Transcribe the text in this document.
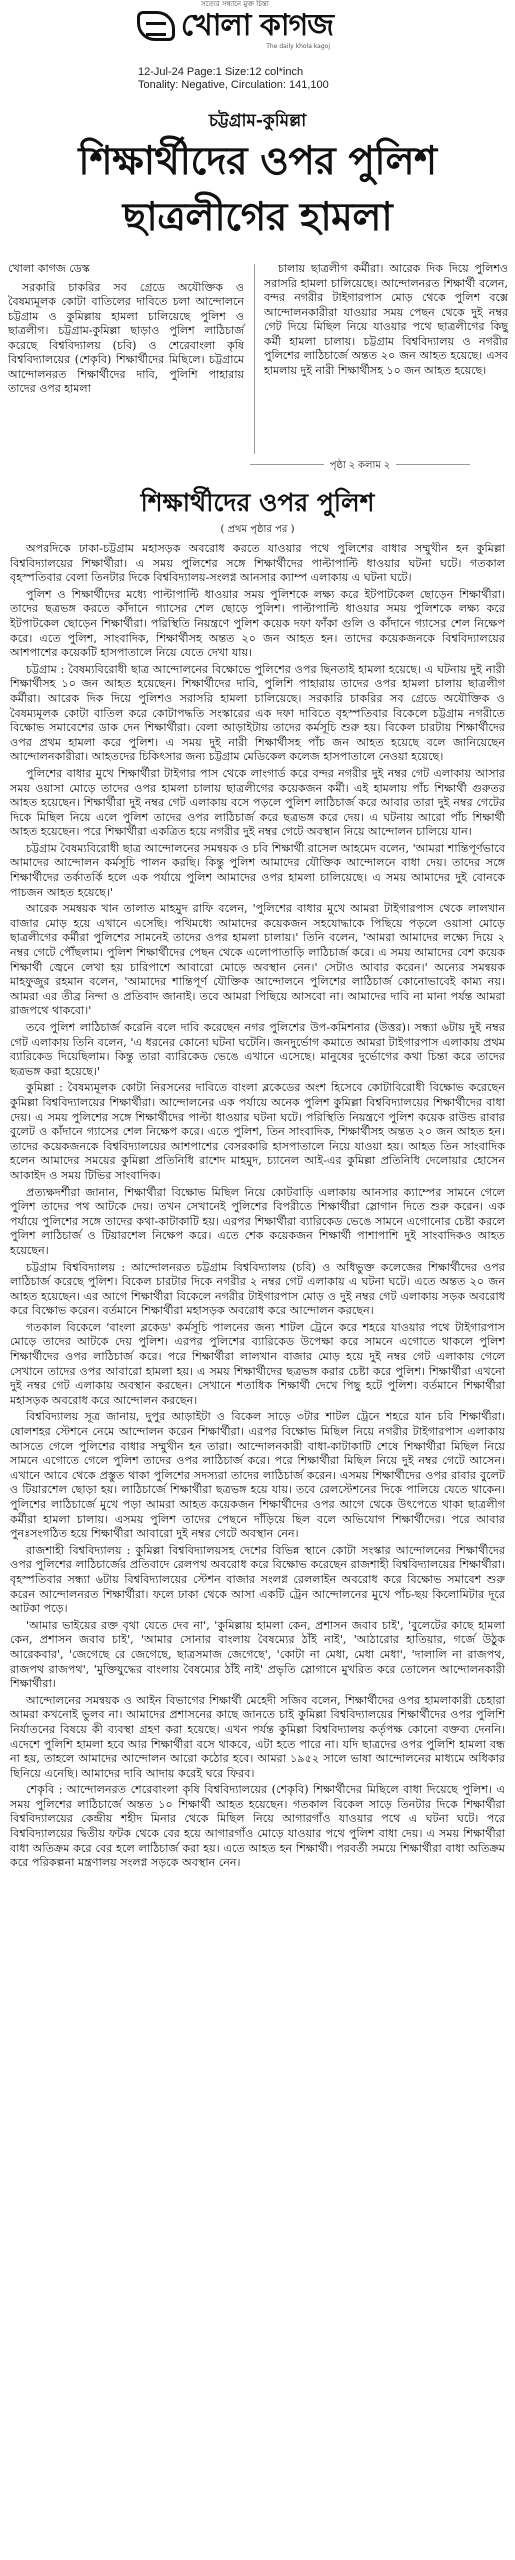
সত্যের সন্ধানে মুক্ত চিন্তা
খোলা কাগজ
The daily khola kagoj
12-Jul-24 Page:1 Size:12 col*inch
Tonality: Negative, Circulation: 141,100
চট্টগ্রাম-কুমিল্লা
শিক্ষার্থীদের ওপর পুলিশ
ছাত্রলীগের হামলা

খোলা কাগজ ডেস্ক

সরকারি চাকরির সব গ্রেডে অযৌক্তিক ও বৈষম্যমূলক কোটা বাতিলের দাবিতে চলা আন্দোলনে চট্টগ্রাম ও কুমিল্লায় হামলা চালিয়েছে পুলিশ ও ছাত্রলীগ। চট্টগ্রাম-কুমিল্লা ছাড়াও পুলিশ লাঠিচার্জ করেছে বিশ্ববিদ্যালয় (চবি) ও শেরেবাংলা কৃষি বিশ্ববিদ্যালয়ের (শেকৃবি) শিক্ষার্থীদের মিছিলে। চট্টগ্রামে আন্দোলনরত শিক্ষার্থীদের দাবি, পুলিশি পাহারায় তাদের ওপর হামলা

চালায় ছাত্রলীগ কর্মীরা। আরেক দিক দিয়ে পুলিশও সরাসরি হামলা চালিয়েছে। আন্দোলনরত শিক্ষার্থী বলেন, বন্দর নগরীর টাইগারপাস মোড় থেকে পুলিশ বক্সে আন্দোলনকারীরা যাওয়ার সময় পেছন থেকে দুই নম্বর গেট দিয়ে মিছিল নিয়ে যাওয়ার পথে ছাত্রলীগের কিছু কর্মী হামলা চালায়। চট্টগ্রাম বিশ্ববিদ্যালয় ও নগরীর পুলিশের লাঠিচার্জে অন্তত ২০ জন আহত হয়েছে। এসব হামলায় দুই নারী শিক্ষার্থীসহ ১০ জন আহত হয়েছে।

পৃষ্ঠা ২ কলাম ২
শিক্ষার্থীদের ওপর পুলিশ
( প্রথম পৃষ্ঠার পর )

অপরদিকে ঢাকা-চট্টগ্রাম মহাসড়ক অবরোধ করতে যাওয়ার পথে পুলিশের বাধার সম্মুখীন হন কুমিল্লা বিশ্ববিদ্যালয়ের শিক্ষার্থীরা। এ সময় পুলিশের সঙ্গে শিক্ষার্থীদের পাল্টাপাল্টি ধাওয়ার ঘটনা ঘটে। গতকাল বৃহস্পতিবার বেলা তিনটার দিকে বিশ্ববিদ্যালয়-সংলগ্ন আনসার ক্যাম্প এলাকায় এ ঘটনা ঘটে।

পুলিশ ও শিক্ষার্থীদের মধ্যে পাল্টাপাল্টি ধাওয়ার সময় পুলিশকে লক্ষ্য করে ইটপাটকেল ছোড়েন শিক্ষার্থীরা। তাদের ছত্রভঙ্গ করতে কাঁদানে গ্যাসের শেল ছোড়ে পুলিশ। পাল্টাপাল্টি ধাওয়ার সময় পুলিশকে লক্ষ্য করে ইটপাটকেল ছোড়েন শিক্ষার্থীরা। পরিস্থিতি নিয়ন্ত্রণে পুলিশ কয়েক দফা ফাঁকা গুলি ও কাঁদানে গ্যাসের শেল নিক্ষেপ করে। এতে পুলিশ, সাংবাদিক, শিক্ষার্থীসহ অন্তত ২০ জন আহত হন। তাদের কয়েকজনকে বিশ্ববিদ্যালয়ের আশপাশের কয়েকটি হাসপাতালে নিয়ে যেতে দেখা যায়।

চট্টগ্রাম : বৈষম্যবিরোধী ছাত্র আন্দোলনের বিক্ষোভে পুলিশের ওপর ছিনতাই হামলা হয়েছে। এ ঘটনায় দুই নারী শিক্ষার্থীসহ ১০ জন আহত হয়েছেন। শিক্ষার্থীদের দাবি, পুলিশি পাহারায় তাদের ওপর হামলা চালায় ছাত্রলীগ কর্মীরা। আরেক দিক দিয়ে পুলিশও সরাসরি হামলা চালিয়েছে। সরকারি চাকরির সব গ্রেডে অযৌক্তিক ও বৈষম্যমূলক কোটা বাতিল করে কোটাপদ্ধতি সংস্কারের এক দফা দাবিতে বৃহস্পতিবার বিকেলে চট্টগ্রাম নগরীতে বিক্ষোভ সমাবেশের ডাক দেন শিক্ষার্থীরা। বেলা আড়াইটায় তাদের কর্মসূচি শুরু হয়। বিকেল চারটায় শিক্ষার্থীদের ওপর প্রথম হামলা করে পুলিশ। এ সময় দুই নারী শিক্ষার্থীসহ পাঁচ জন আহত হয়েছে বলে জানিয়েছেন আন্দোলনকারীরা। আহতদের চিকিৎসার জন্য চট্টগ্রাম মেডিকেল কলেজ হাসপাতালে নেওয়া হয়েছে।

পুলিশের বাধার মুখে শিক্ষার্থীরা টাইগার পাস থেকে লাংগার্ড করে বন্দর নগরীর দুই নম্বর গেট এলাকায় আসার সময় ওয়াসা মোড়ে তাদের ওপর হামলা চালায় ছাত্রলীগের কয়েকজন কর্মী। এই হামলায় পাঁচ শিক্ষার্থী গুরুতর আহত হয়েছেন। শিক্ষার্থীরা দুই নম্বর গেট এলাকায় বসে পড়লে পুলিশ লাঠিচার্জ করে আবার তারা দুই নম্বর গেটের দিকে মিছিল নিয়ে এলে পুলিশ তাদের ওপর লাঠিচার্জ করে ছত্রভঙ্গ করে দেয়। এ ঘটনায় আরো পাঁচ শিক্ষার্থী আহত হয়েছেন। পরে শিক্ষার্থীরা একত্রিত হয়ে নগরীর দুই নম্বর গেটে অবস্থান নিয়ে আন্দোলন চালিয়ে যান।

চট্টগ্রাম বৈষম্যবিরোধী ছাত্র আন্দোলনের সমন্বয়ক ও চবি শিক্ষার্থী রাসেল আহমেদ বলেন, 'আমরা শান্তিপূর্ণভাবে আমাদের আন্দোলন কর্মসূচি পালন করছি। কিন্তু পুলিশ আমাদের যৌক্তিক আন্দোলনে বাধা দেয়। তাদের সঙ্গে শিক্ষার্থীদের তর্কাতর্কি হলে এক পর্যায়ে পুলিশ আমাদের ওপর হামলা চালিয়েছে। এ সময় আমাদের দুই বোনকে পাচজন আহত হয়েছে।'

আরেক সমন্বয়ক খান তালাত মাহমুদ রাফি বলেন, 'পুলিশের বাধার মুখে আমরা টাইগারপাস থেকে লালখান বাজার মোড় হয়ে এখানে এসেছি। পথিমধ্যে আমাদের কয়েকজন সহযোদ্ধাকে পিছিয়ে পড়লে ওয়াসা মোড়ে ছাত্রলীগের কর্মীরা পুলিশের সামনেই তাদের ওপর হামলা চালায়।' তিনি বলেন, 'আমরা আমাদের লক্ষ্যে দিয়ে ২ নম্বর গেটে পৌঁছলাম। পুলিশ শিক্ষার্থীদের পেছন থেকে এলোপাতাড়ি লাঠিচার্জ করে। এ সময় আমাদের বেশ কয়েক শিক্ষার্থী জ্বেনে লেখা হয় চারিপাশে আবারো মোড়ে অবস্থান নেন।' সেটাও আবার করেন।' অন্যের সমন্বয়ক মাহফুজুর রহমান বলেন, 'আমাদের শান্তিপূর্ণ যৌক্তিক আন্দোলনে পুলিশের লাঠিচার্জ কোনোভাবেই কাম্য নয়। আমরা এর তীব্র নিন্দা ও প্রতিবাদ জানাই। তবে আমরা পিছিয়ে আসবো না। আমাদের দাবি না মানা পর্যন্ত আমরা রাজপথে থাকবো।'

তবে পুলিশ লাঠিচার্জ করেনি বলে দাবি করেছেন নগর পুলিশের উপ-কমিশনার (উত্তর)। সন্ধ্যা ৬টায় দুই নম্বর গেট এলাকায় তিনি বলেন, 'এ ধরনের কোনো ঘটনা ঘটেনি। জনদুর্ভোগ কমাতে আমরা টাইগারপাস এলাকায় প্রথম ব্যারিকেড দিয়েছিলাম। কিন্তু তারা ব্যারিকেড ভেঙে এখানে এসেছে। মানুষের দুর্ভোগের কথা চিন্তা করে তাদের ছত্রভঙ্গ করা হয়েছে।'

কুমিল্লা : বৈষম্যমূলক কোটা নিরসনের দাবিতে বাংলা ব্লকেডের অংশ হিসেবে কোটাবিরোধী বিক্ষোভ করেছেন কুমিল্লা বিশ্ববিদ্যালয়ের শিক্ষার্থীরা। আন্দোলনের এক পর্যায়ে অনেক পুলিশ কুমিল্লা বিশ্ববিদ্যালয়ের শিক্ষার্থীদের বাধা দেয়। এ সময় পুলিশের সঙ্গে শিক্ষার্থীদের পাল্টা ধাওয়ার ঘটনা ঘটে। পরিস্থিতি নিয়ন্ত্রণে পুলিশ কয়েক রাউন্ড রাবার বুলেট ও কাঁদানে গ্যাসের শেল নিক্ষেপ করে। এতে পুলিশ, তিন সাংবাদিক, শিক্ষার্থীসহ অন্তত ২০ জন আহত হন। তাদের কয়েকজনকে বিশ্ববিদ্যালয়ের আশপাশের বেসরকারি হাসপাতালে নিয়ে যাওয়া হয়। আহত তিন সাংবাদিক হলেন আমাদের সময়ের কুমিল্লা প্রতিনিধি রাশেদ মাহমুদ, চ্যানেল আই-এর কুমিল্লা প্রতিনিধি দেলোয়ার হোসেন আকাইদ ও সময় টিভির সাংবাদিক।

প্রত্যক্ষদর্শীরা জানান, শিক্ষার্থীরা বিক্ষোভ মিছিল নিয়ে কোটবাড়ি এলাকায় আনসার ক্যাম্পের সামনে গেলে পুলিশ তাদের পথ আটকে দেয়। তখন সেখানেই পুলিশের বিপরীতে শিক্ষার্থীরা স্লোগান দিতে শুরু করেন। এক পর্যায়ে পুলিশের সঙ্গে তাদের কথা-কাটাকাটি হয়। এরপর শিক্ষার্থীরা ব্যারিকেড ভেঙে সামনে এগোনোর চেষ্টা করলে পুলিশ লাঠিচার্জ ও টিয়ারশেল নিক্ষেপ করে। এতে শেক কয়েকজন শিক্ষার্থী পাশাপাশি দুই সাংবাদিকও আহত হয়েছেন।

চট্টগ্রাম বিশ্ববিদ্যালয় : আন্দোলনরত চট্টগ্রাম বিশ্ববিদ্যালয় (চবি) ও অধিভুক্ত কলেজের শিক্ষার্থীদের ওপর লাঠিচার্জ করেছে পুলিশ। বিকেল চারটার দিকে নগরীর ২ নম্বর গেট এলাকায় এ ঘটনা ঘটে। এতে অন্তত ২০ জন আহত হয়েছেন। এর আগে শিক্ষার্থীরা বিকেলে নগরীর টাইগারপাস মোড় ও দুই নম্বর গেট এলাকায় সড়ক অবরোধ করে বিক্ষোভ করেন। বর্তমানে শিক্ষার্থীরা মহাসড়ক অবরোধ করে আন্দোলন করছেন।

গতকাল বিকেলে 'বাংলা ব্লকেড' কর্মসূচি পালনের জন্য শাটল ট্রেনে করে শহরে যাওয়ার পথে টাইগারপাস মোড়ে তাদের আটকে দেয় পুলিশ। এরপর পুলিশের ব্যারিকেড উপেক্ষা করে সামনে এগোতে থাকলে পুলিশ শিক্ষার্থীদের ওপর লাঠিচার্জ করে। পরে শিক্ষার্থীরা লালখান বাজার মোড় হয়ে দুই নম্বর গেট এলাকায় গেলে সেখানে তাদের ওপর আবারো হামলা হয়। এ সময় শিক্ষার্থীদের ছত্রভঙ্গ করার চেষ্টা করে পুলিশ। শিক্ষার্থীরা এখনো দুই নম্বর গেট এলাকায় অবস্থান করছেন। সেখানে শতাধিক শিক্ষার্থী দেখে পিছু হটে পুলিশ। বর্তমানে শিক্ষার্থীরা মহাসড়ক অবরোধ করে আন্দোলন করছেন।

বিশ্ববিদ্যালয় সূত্র জানায়, দুপুর আড়াইটা ও বিকেল সাড়ে ৩টার শাটল ট্রেনে শহরে যান চবি শিক্ষার্থীরা। ষোলশহর স্টেশনে নেমে আন্দোলন করেন শিক্ষার্থীরা। এরপর বিক্ষোভ মিছিল নিয়ে নগরীর টাইগারপাস এলাকায় আসতে গেলে পুলিশের বাধার সম্মুখীন হন তারা। আন্দোলনকারী বাধা-কাটাকাটি শেষে শিক্ষার্থীরা মিছিল নিয়ে সামনে এগোতে গেলে পুলিশ তাদের ওপর লাঠিচার্জ করে। পরে শিক্ষার্থীরা মিছিল নিয়ে দুই নম্বর গেটে আসেন। এখানে আবে থেকে প্রস্তুত থাকা পুলিশের সদস্যরা তাদের লাঠিচার্জ করেন। এসময় শিক্ষার্থীদের ওপর রাবার বুলেট ও টিয়ারশেল ছোড়া হয়। লাঠিচার্জে শিক্ষার্থীরা ছত্রভঙ্গ হয়ে যায়। তবে রেলস্টেশনের দিকে পালিয়ে যেতে থাকেন। পুলিশের লাঠিচার্জে মুখে পড়া আমরা আহত কয়েকজন শিক্ষার্থীদের ওপর আগে থেকে উৎপেতে থাকা ছাত্রলীগ কর্মীরা হামলা চালায়। এসময় পুলিশ তাদের পেছনে দাঁড়িয়ে ছিল বলে অভিযোগ শিক্ষার্থীদের। পরে আবার পুনঃসংগঠিত হয়ে শিক্ষার্থীরা আবারো দুই নম্বর গেটে অবস্থান নেন।

রাজশাহী বিশ্ববিদ্যালয় : কুমিল্লা বিশ্ববিদ্যালয়সহ দেশের বিভিন্ন স্থানে কোটা সংস্কার আন্দোলনের শিক্ষার্থীদের ওপর পুলিশের লাঠিচার্জের প্রতিবাদে রেলপথ অবরোধ করে বিক্ষোভ করেছেন রাজশাহী বিশ্ববিদ্যালয়ের শিক্ষার্থীরা। বৃহস্পতিবার সন্ধ্যা ৬টায় বিশ্ববিদ্যালয়ের স্টেশন বাজার সংলগ্ন রেললাইন অবরোধ করে বিক্ষোভ সমাবেশ শুরু করেন আন্দোলনরত শিক্ষার্থীরা। ফলে ঢাকা থেকে আসা একটি ট্রেন আন্দোলনের মুখে পাঁচ-ছয় কিলোমিটার দূরে আটকা পড়ে।

'আমার ভাইয়ের রক্ত বৃথা যেতে দেব না', 'কুমিল্লায় হামলা কেন, প্রশাসন জবাব চাই', 'বুলেটের কাছে হামলা কেন, প্রশাসন জবাব চাই', 'আমার সোনার বাংলায় বৈষম্যের ঠাঁই নাই', 'আঠারোর হাতিয়ার, গর্জে উঠুক আরেকবার', 'জেগেছে রে জেগেছে, ছাত্রসমাজ জেগেছে', 'কোটা না মেধা, মেধা মেধা', 'দালালি না রাজপথ, রাজপথ রাজপথ', 'মুক্তিযুদ্ধের বাংলায় বৈষম্যের ঠাঁই নাই' প্রভৃতি স্লোগানে মুখরিত করে তোলেন আন্দোলনকারী শিক্ষার্থীরা।

আন্দোলনের সমন্বয়ক ও আইন বিভাগের শিক্ষার্থী মেহেদী সজিব বলেন, শিক্ষার্থীদের ওপর হামলাকারী চেহারা আমরা কখনোই ভুলব না। আমাদের প্রশাসনের কাছে জানতে চাই কুমিল্লা বিশ্ববিদ্যালয়ের শিক্ষার্থীদের ওপর পুলিশি নির্যাতনের বিষয়ে কী ব্যবস্থা গ্রহণ করা হয়েছে। এখন পর্যন্ত কুমিল্লা বিশ্ববিদ্যালয় কর্তৃপক্ষ কোনো বক্তব্য দেননি। এদেশে পুলিশি হামলা হবে আর শিক্ষার্থীরা বসে থাকবে, এটা হতে পারে না। যদি ছাত্রদের ওপর পুলিশি হামলা বন্ধ না হয়, তাহলে আমাদের আন্দোলন আরো কঠোর হবে। আমরা ১৯৫২ সালে ভাষা আন্দোলনের মাধ্যমে অধিকার ছিনিয়ে এনেছি। আমাদের দাবি আদায় করেই ঘরে ফিরব।

শেকৃবি : আন্দোলনরত শেরেবাংলা কৃষি বিশ্ববিদ্যালয়ের (শেকৃবি) শিক্ষার্থীদের মিছিলে বাধা দিয়েছে পুলিশ। এ সময় পুলিশের লাঠিচার্জে অন্তত ১০ শিক্ষার্থী আহত হয়েছেন। গতকাল বিকেল সাড়ে তিনটার দিকে শিক্ষার্থীরা বিশ্ববিদ্যালয়ের কেন্দ্রীয় শহীদ মিনার থেকে মিছিল নিয়ে আগারগাঁও যাওয়ার পথে এ ঘটনা ঘটে। পরে বিশ্ববিদ্যালয়ের দ্বিতীয় ফটক থেকে বের হয়ে আগারগাঁও মোড়ে যাওয়ার পথে পুলিশ বাধা দেয়। এ সময় শিক্ষার্থীরা বাধা অতিক্রম করে বের হলে লাঠিচার্জ করা হয়। এতে আহত হন শিক্ষার্থী। পরবর্তী সময়ে শিক্ষার্থীরা বাধা অতিক্রম করে পরিকল্পনা মন্ত্রণালয় সংলগ্ন সড়কে অবস্থান নেন।
